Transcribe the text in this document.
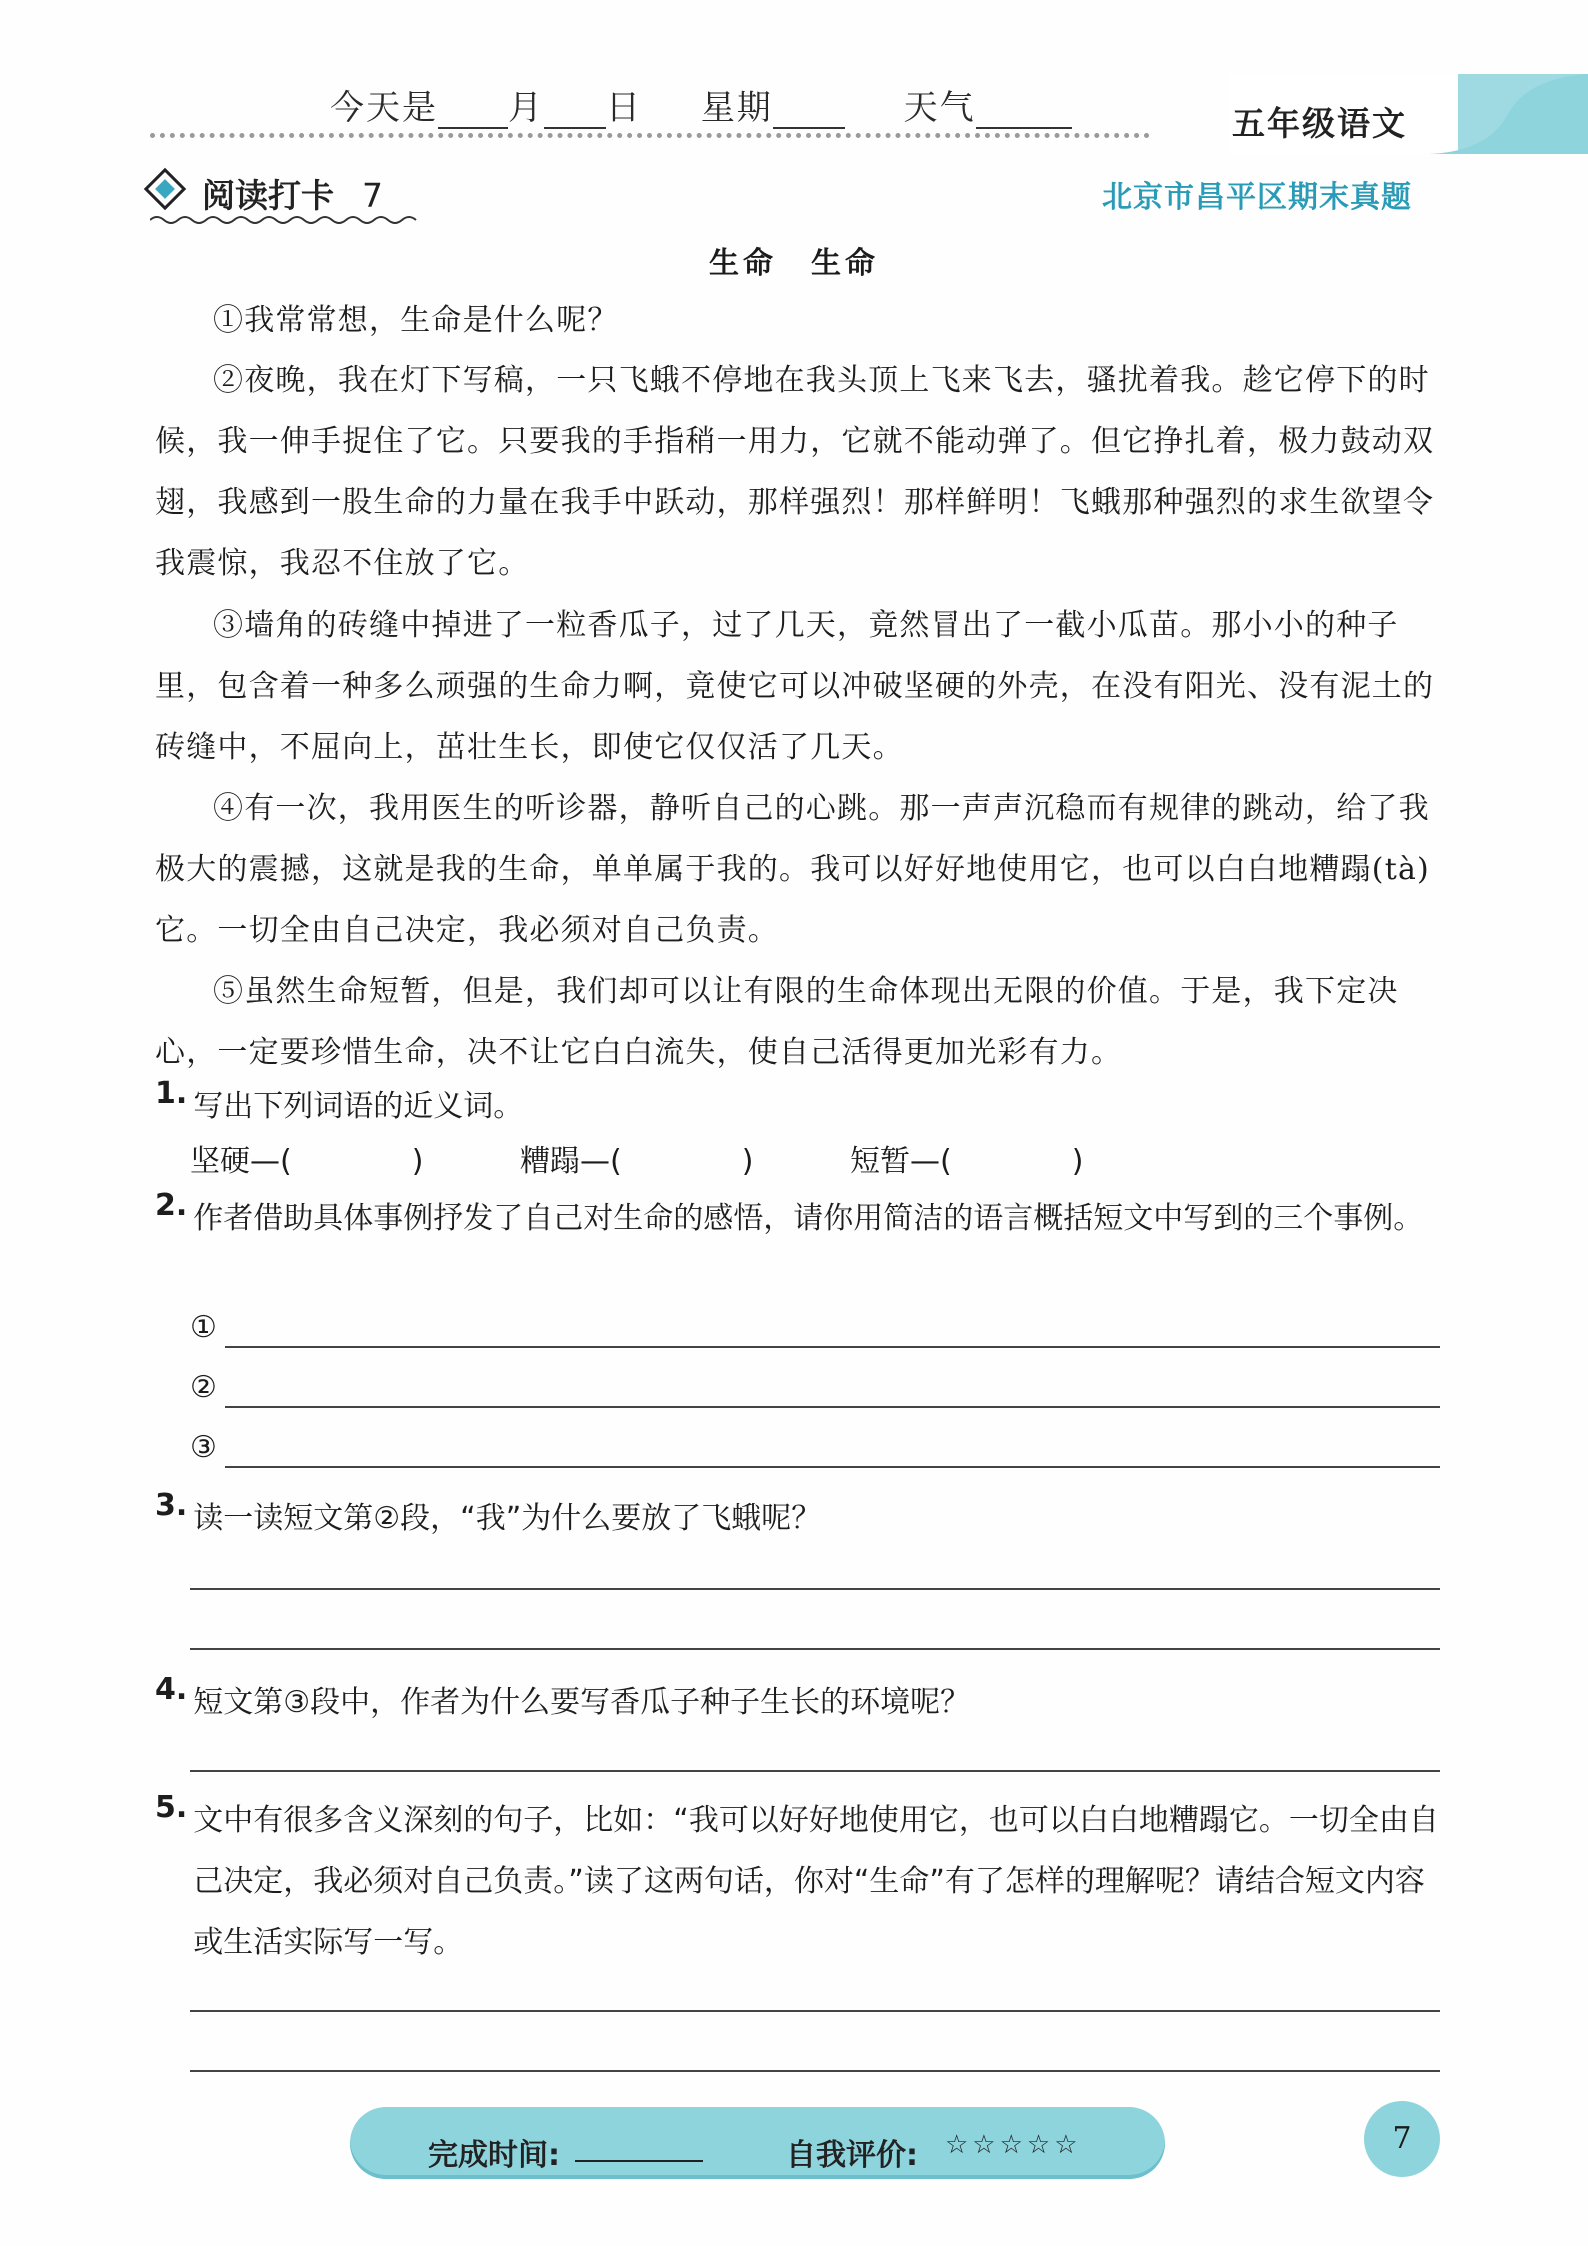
今天是 月 日 星期	天气	五年级语文
阅读打卡 7	北京市昌平区期末真题
生命　生命
①我常常想，生命是什么呢？
②夜晚，我在灯下写稿，一只飞蛾不停地在我头顶上飞来飞去，骚扰着我。趁它停下的时候，我一伸手捉住了它。只要我的手指稍一用力，它就不能动弹了。但它挣扎着，极力鼓动双翅，我感到一股生命的力量在我手中跃动，那样强烈！那样鲜明！飞蛾那种强烈的求生欲望令我震惊，我忍不住放了它。
③墙角的砖缝中掉进了一粒香瓜子，过了几天，竟然冒出了一截小瓜苗。那小小的种子里，包含着一种多么顽强的生命力啊，竟使它可以冲破坚硬的外壳，在没有阳光、没有泥土的砖缝中，不屈向上，茁壮生长，即使它仅仅活了几天。
④有一次，我用医生的听诊器，静听自己的心跳。那一声声沉稳而有规律的跳动，给了我极大的震撼，这就是我的生命，单单属于我的。我可以好好地使用它，也可以白白地糟蹋(tà)它。一切全由自己决定，我必须对自己负责。
⑤虽然生命短暂，但是，我们却可以让有限的生命体现出无限的价值。于是，我下定决心，一定要珍惜生命，决不让它白白流失，使自己活得更加光彩有力。
1. 写出下列词语的近义词。
坚硬—(	)	糟蹋—(	)	短暂—(	)
2. 作者借助具体事例抒发了自己对生命的感悟，请你用简洁的语言概括短文中写到的三个事例。
①
②
③
3. 读一读短文第②段，“我”为什么要放了飞蛾呢？
4. 短文第③段中，作者为什么要写香瓜子种子生长的环境呢？
5. 文中有很多含义深刻的句子，比如：“我可以好好地使用它，也可以白白地糟蹋它。一切全由自己决定，我必须对自己负责。”读了这两句话，你对“生命”有了怎样的理解呢？请结合短文内容或生活实际写一写。
完成时间:	自我评价: ☆☆☆☆☆	7
